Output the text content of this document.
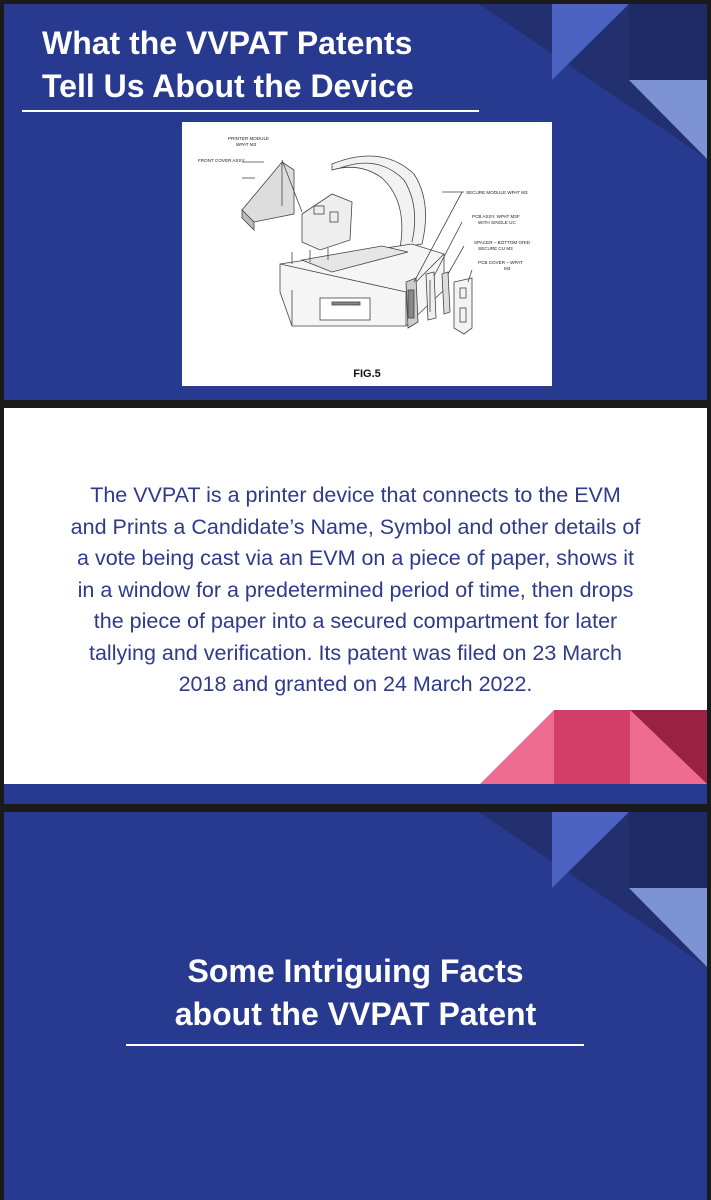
What the VVPAT Patents
Tell Us About the Device
PRINTER MODULE
WPAT M3
FRONT COVER ASSY
SECURE MODULE WPAT M3
PCB ASSY. WPAT M3F
WITH SINGLE UC
SPACER – BOTTOM GRID
SECURE CU M3
PCB COVER – WPAT
M3
FIG.5
The VVPAT is a printer device that connects to the EVM
and Prints a Candidate’s Name, Symbol and other details of
a vote being cast via an EVM on a piece of paper, shows it
in a window for a predetermined period of time, then drops
the piece of paper into a secured compartment for later
tallying and verification. Its patent was filed on 23 March
2018 and granted on 24 March 2022.
Some Intriguing Facts
about the VVPAT Patent
